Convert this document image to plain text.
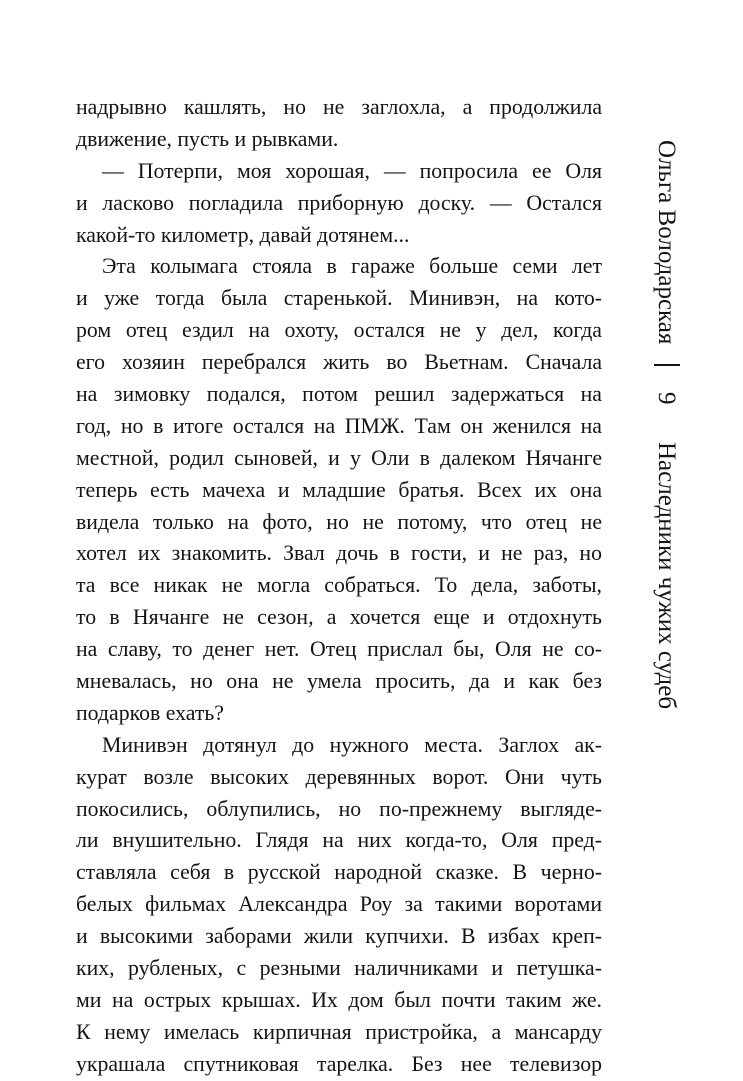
надрывно кашлять, но не заглохла, а продолжила
движение, пусть и рывками.
— Потерпи, моя хорошая, — попросила ее Оля
и ласково погладила приборную доску. — Остался
какой-то километр, давай дотянем...
Эта колымага стояла в гараже больше семи лет
и уже тогда была старенькой. Минивэн, на кото-
ром отец ездил на охоту, остался не у дел, когда
его хозяин перебрался жить во Вьетнам. Сначала
на зимовку подался, потом решил задержаться на
год, но в итоге остался на ПМЖ. Там он женился на
местной, родил сыновей, и у Оли в далеком Нячанге
теперь есть мачеха и младшие братья. Всех их она
видела только на фото, но не потому, что отец не
хотел их знакомить. Звал дочь в гости, и не раз, но
та все никак не могла собраться. То дела, заботы,
то в Нячанге не сезон, а хочется еще и отдохнуть
на славу, то денег нет. Отец прислал бы, Оля не со-
мневалась, но она не умела просить, да и как без
подарков ехать?
Минивэн дотянул до нужного места. Заглох ак-
курат возле высоких деревянных ворот. Они чуть
покосились, облупились, но по-прежнему выгляде-
ли внушительно. Глядя на них когда-то, Оля пред-
ставляла себя в русской народной сказке. В черно-
белых фильмах Александра Роу за такими воротами
и высокими заборами жили купчихи. В избах креп-
ких, рубленых, с резными наличниками и петушка-
ми на острых крышах. Их дом был почти таким же.
К нему имелась кирпичная пристройка, а мансарду
украшала спутниковая тарелка. Без нее телевизор
Ольга Володарская
9
Наследники чужих судеб
